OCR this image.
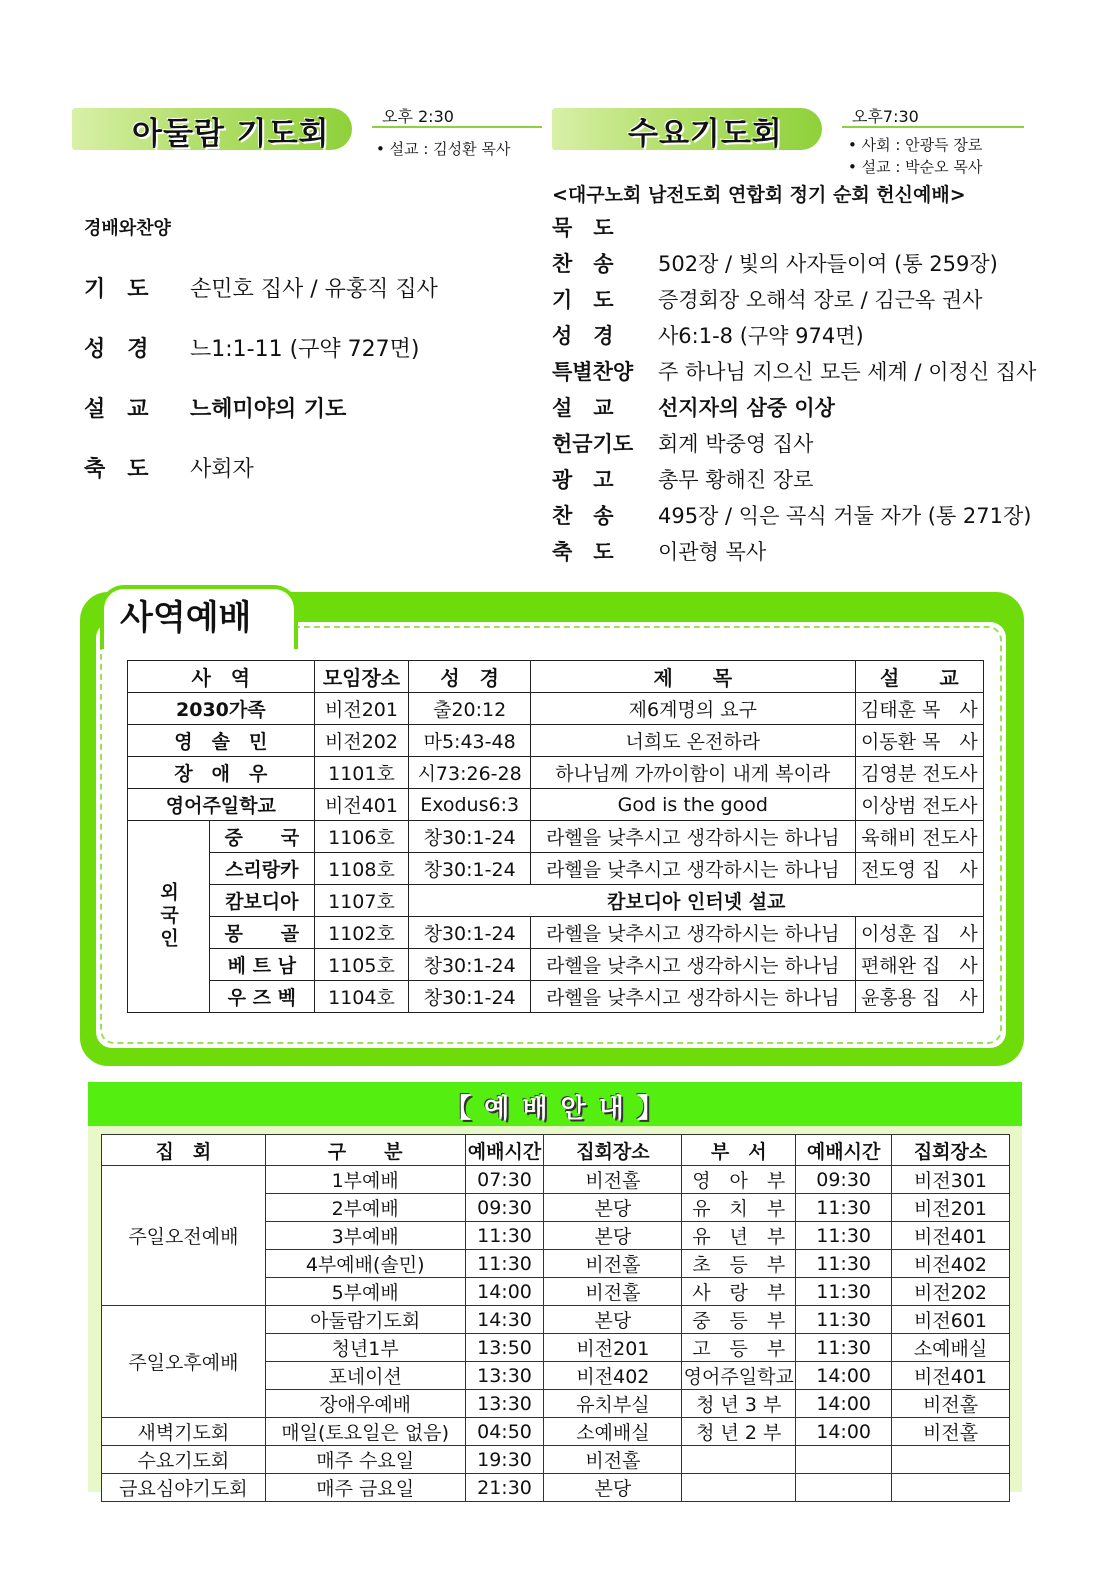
아둘람 기도회	오후 2:30
• 설교 : 김성환 목사
경배와찬양
기　도 손민호 집사 / 유홍직 집사
성　경 느1:1-11 (구약 727면)
설　교 느헤미야의 기도
축　도 사회자
수요기도회	오후7:30
• 사회 : 안광득 장로
• 설교 : 박순오 목사
<대구노회 남전도회 연합회 정기 순회 헌신예배>
묵　도
찬　송 502장 / 빛의 사자들이여 (통 259장)
기　도 증경회장 오해석 장로 / 김근옥 권사
성　경 사6:1-8 (구약 974면)
특별찬양 주 하나님 지으신 모든 세계 / 이정신 집사
설　교 선지자의 삼중 이상
헌금기도 회계 박중영 집사
광　고 총무 황해진 장로
찬　송 495장 / 익은 곡식 거둘 자가 (통 271장)
축　도 이관형 목사
사역예배
사　역		모임장소	성　경	제　　목	설　　교
2030가족		비전201	출20:12	제6계명의 요구	김태훈 목　사
영　솔　민		비전202	마5:43-48	너희도 온전하라	이동환 목　사
장　애　우		1101호	시73:26-28	하나님께 가까이함이 내게 복이라	김영분 전도사
영어주일학교		비전401	Exodus6:3	God is the good	이상범 전도사
외국인	중　　국	1106호	창30:1-24	라헬을 낮추시고 생각하시는 하나님	육해비 전도사
	스리랑카	1108호	창30:1-24	라헬을 낮추시고 생각하시는 하나님	전도영 집　사
	캄보디아	1107호	캄보디아 인터넷 설교		
	몽　　골	1102호	창30:1-24	라헬을 낮추시고 생각하시는 하나님	이성훈 집　사
	베 트 남	1105호	창30:1-24	라헬을 낮추시고 생각하시는 하나님	편해완 집　사
	우 즈 벡	1104호	창30:1-24	라헬을 낮추시고 생각하시는 하나님	윤홍용 집　사
【 예 배 안 내 】
집　회	구　　분	예배시간	집회장소	부　서	예배시간	집회장소
주일오전예배	1부예배	07:30	비전홀	영　아　부	09:30	비전301
	2부예배	09:30	본당	유　치　부	11:30	비전201
	3부예배	11:30	본당	유　년　부	11:30	비전401
	4부예배(솔민)	11:30	비전홀	초　등　부	11:30	비전402
	5부예배	14:00	비전홀	사　랑　부	11:30	비전202
주일오후예배	아둘람기도회	14:30	본당	중　등　부	11:30	비전601
	청년1부	13:50	비전201	고　등　부	11:30	소예배실
	포네이션	13:30	비전402	영어주일학교	14:00	비전401
	장애우예배	13:30	유치부실	청 년 3 부	14:00	비전홀
새벽기도회	매일(토요일은 없음)	04:50	소예배실	청 년 2 부	14:00	비전홀
수요기도회	매주 수요일	19:30	비전홀			
금요심야기도회	매주 금요일	21:30	본당			
